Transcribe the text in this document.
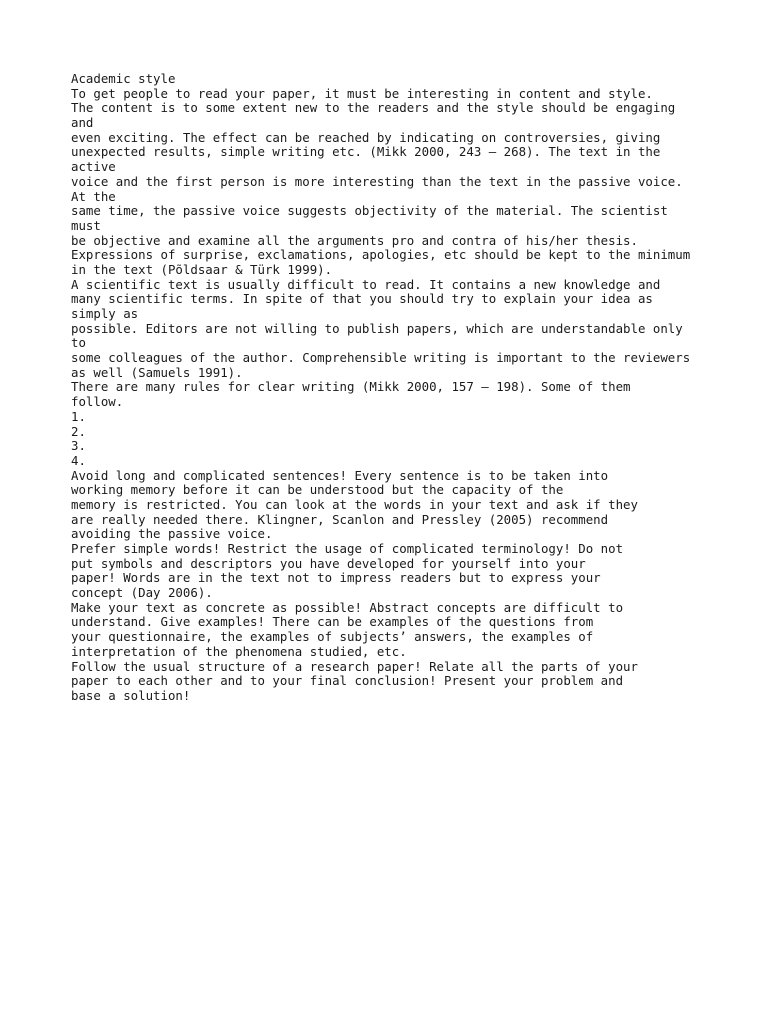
Academic style
To get people to read your paper, it must be interesting in content and style.
The content is to some extent new to the readers and the style should be engaging
and
even exciting. The effect can be reached by indicating on controversies, giving
unexpected results, simple writing etc. (Mikk 2000, 243 – 268). The text in the
active
voice and the first person is more interesting than the text in the passive voice.
At the
same time, the passive voice suggests objectivity of the material. The scientist
must
be objective and examine all the arguments pro and contra of his/her thesis.
Expressions of surprise, exclamations, apologies, etc should be kept to the minimum
in the text (Põldsaar & Türk 1999).
A scientific text is usually difficult to read. It contains a new knowledge and
many scientific terms. In spite of that you should try to explain your idea as
simply as
possible. Editors are not willing to publish papers, which are understandable only
to
some colleagues of the author. Comprehensible writing is important to the reviewers
as well (Samuels 1991).
There are many rules for clear writing (Mikk 2000, 157 – 198). Some of them
follow.
1.
2.
3.
4.
Avoid long and complicated sentences! Every sentence is to be taken into
working memory before it can be understood but the capacity of the
memory is restricted. You can look at the words in your text and ask if they
are really needed there. Klingner, Scanlon and Pressley (2005) recommend
avoiding the passive voice.
Prefer simple words! Restrict the usage of complicated terminology! Do not
put symbols and descriptors you have developed for yourself into your
paper! Words are in the text not to impress readers but to express your
concept (Day 2006).
Make your text as concrete as possible! Abstract concepts are difficult to
understand. Give examples! There can be examples of the questions from
your questionnaire, the examples of subjects’ answers, the examples of
interpretation of the phenomena studied, etc.
Follow the usual structure of a research paper! Relate all the parts of your
paper to each other and to your final conclusion! Present your problem and
base a solution!
